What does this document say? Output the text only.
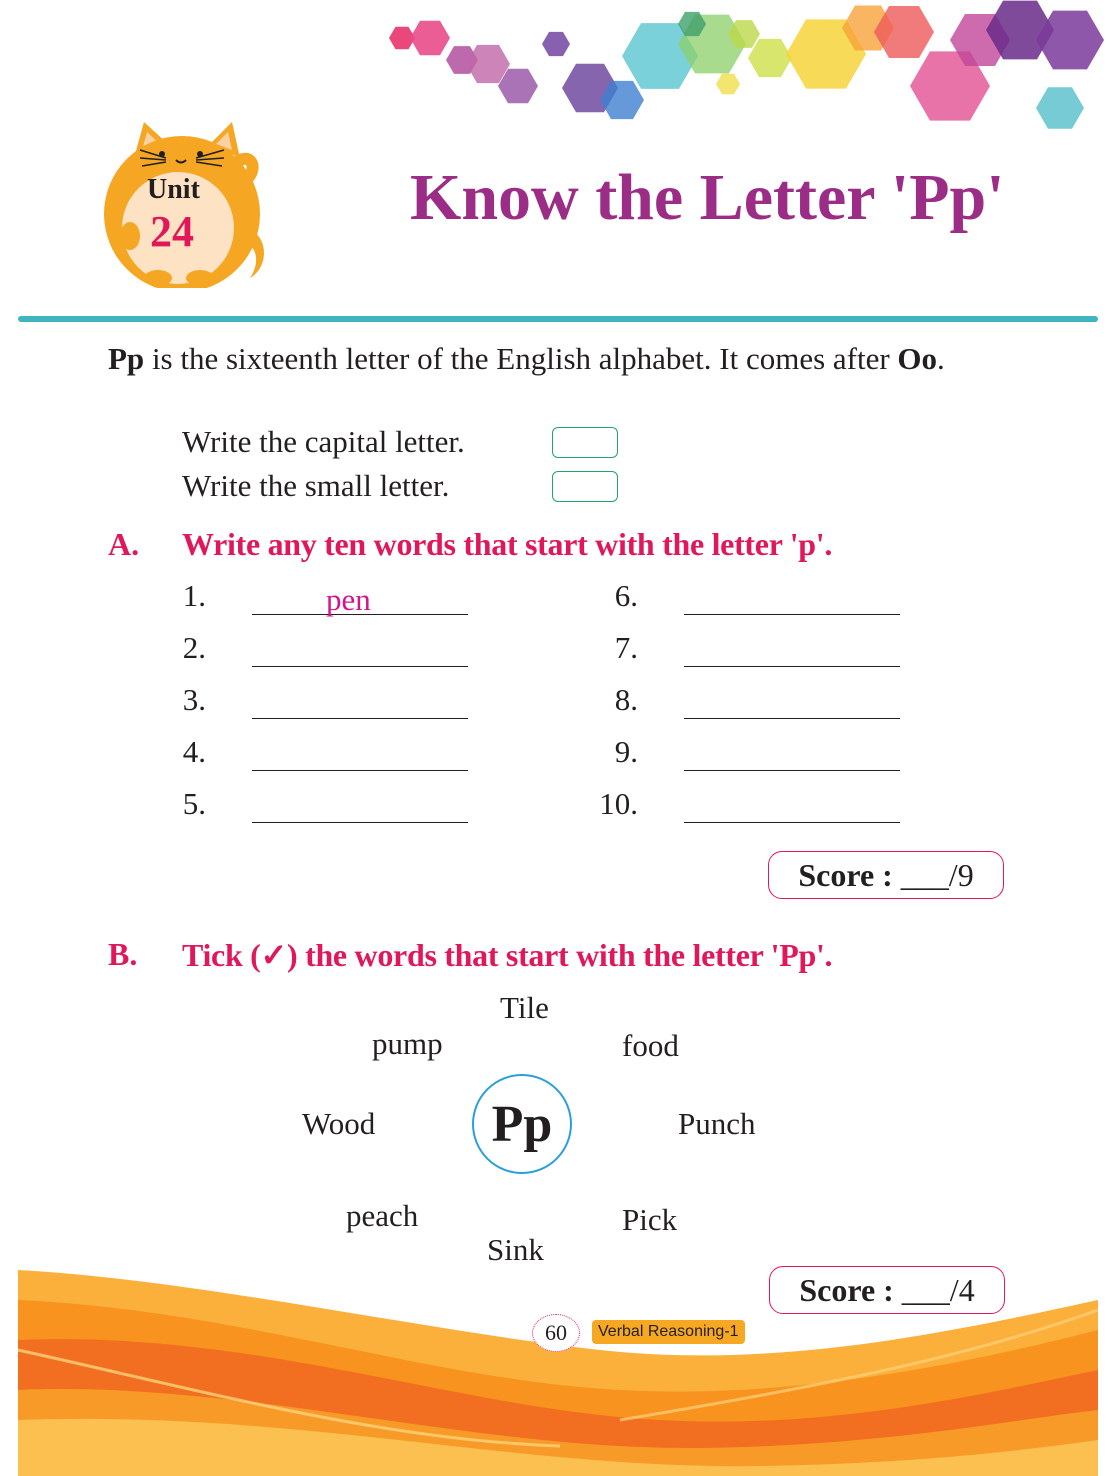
Unit
24	Know the Letter 'Pp'
Pp is the sixteenth letter of the English alphabet. It comes after Oo.
Write the capital letter.
Write the small letter.
A. Write any ten words that start with the letter 'p'.
1.	pen
2.
3.
4.
5.
6.
7.
8.
9.
10.
Score : ___/9
B. Tick (✓) the words that start with the letter 'Pp'.
Tile
pump	food
Wood	Punch
peach	Pick
Sink
Pp
Score : ___/4
60	Verbal Reasoning-1
